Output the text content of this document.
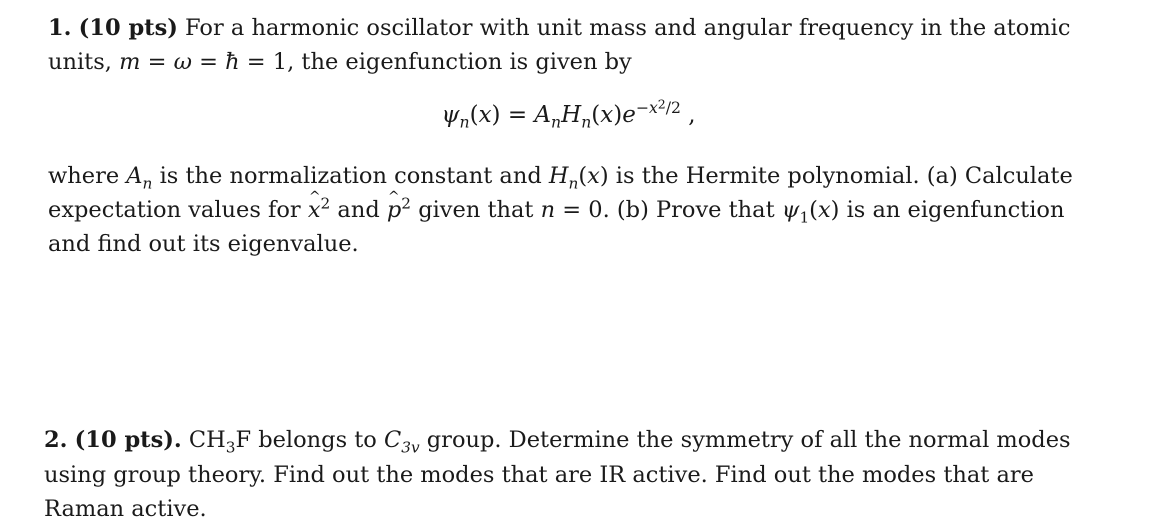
1. (10 pts) For a harmonic oscillator with unit mass and angular frequency in the atomic

units, m = ω = ħ = 1, the eigenfunction is given by

$\psi_n(x) = A_nH_n(x)e^{-x^2/2}$ ,

where $A_n$ is the normalization constant and $H_n(x)$ is the Hermite polynomial. (a) Calculate

expectation values for ^ $x^2$ and ^ $p^2$ given that n = 0. (b) Prove that $\psi_1(x)$ is an eigenfunction

and find out its eigenvalue.

2. (10 pts). $CH_3F$ belongs to $C_{3v}$ group. Determine the symmetry of all the normal modes

using group theory. Find out the modes that are IR active. Find out the modes that are

Raman active.
